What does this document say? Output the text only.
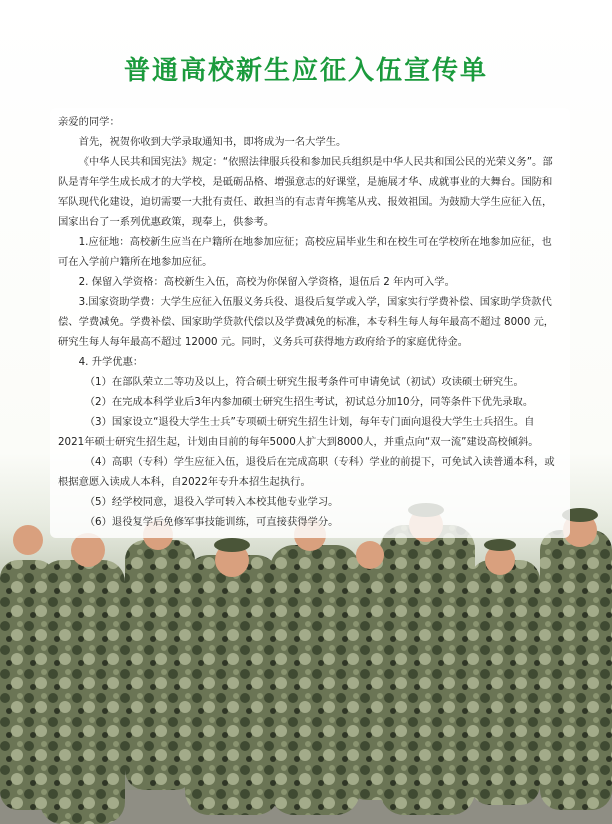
普通高校新生应征入伍宣传单

亲爱的同学：

首先，祝贺你收到大学录取通知书，即将成为一名大学生。

《中华人民共和国宪法》规定：“依照法律服兵役和参加民兵组织是中华人民共和国公民的光荣义务”。部队是青年学生成长成才的大学校，是砥砺品格、增强意志的好课堂，是施展才华、成就事业的大舞台。国防和军队现代化建设，迫切需要一大批有责任、敢担当的有志青年携笔从戎、报效祖国。为鼓励大学生应征入伍，国家出台了一系列优惠政策，现奉上，供参考。

1.应征地：高校新生应当在户籍所在地参加应征；高校应届毕业生和在校生可在学校所在地参加应征，也可在入学前户籍所在地参加应征。

2. 保留入学资格：高校新生入伍，高校为你保留入学资格，退伍后 2 年内可入学。

3.国家资助学费：大学生应征入伍服义务兵役、退役后复学或入学，国家实行学费补偿、国家助学贷款代偿、学费减免。学费补偿、国家助学贷款代偿以及学费减免的标准，本专科生每人每年最高不超过 8000 元，研究生每人每年最高不超过 12000 元。同时，义务兵可获得地方政府给予的家庭优待金。

4. 升学优惠：

（1）在部队荣立二等功及以上，符合硕士研究生报考条件可申请免试（初试）攻读硕士研究生。

（2）在完成本科学业后3年内参加硕士研究生招生考试，初试总分加10分，同等条件下优先录取。

（3）国家设立“退役大学生士兵”专项硕士研究生招生计划，每年专门面向退役大学生士兵招生。自2021年硕士研究生招生起，计划由目前的每年5000人扩大到8000人，并重点向“双一流”建设高校倾斜。

（4）高职（专科）学生应征入伍，退役后在完成高职（专科）学业的前提下，可免试入读普通本科，或根据意愿入读成人本科，自2022年专升本招生起执行。

（5）经学校同意，退役入学可转入本校其他专业学习。

（6）退役复学后免修军事技能训练，可直接获得学分。
